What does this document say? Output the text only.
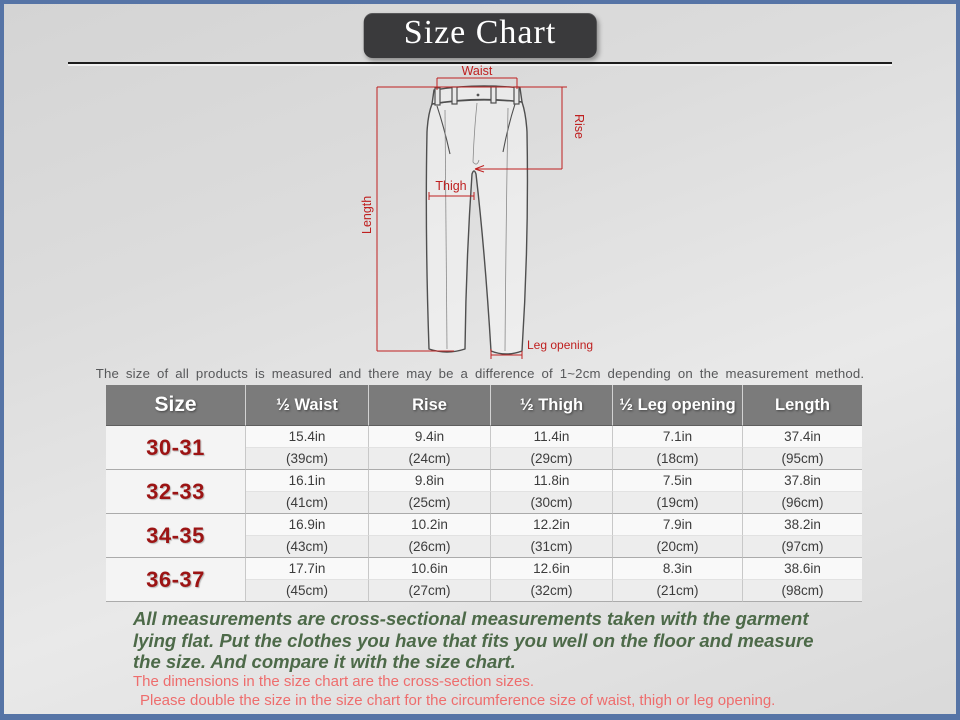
Size Chart
Waist
Rise
Thigh
Length
Leg opening
The size of all products is measured and there may be a difference of 1~2cm depending on the measurement method.
Size	½ Waist	Rise	½ Thigh	½ Leg opening	Length
30-31	15.4in	9.4in	11.4in	7.1in	37.4in
(39cm)	(24cm)	(29cm)	(18cm)	(95cm)
32-33	16.1in	9.8in	11.8in	7.5in	37.8in
(41cm)	(25cm)	(30cm)	(19cm)	(96cm)
34-35	16.9in	10.2in	12.2in	7.9in	38.2in
(43cm)	(26cm)	(31cm)	(20cm)	(97cm)
36-37	17.7in	10.6in	12.6in	8.3in	38.6in
(45cm)	(27cm)	(32cm)	(21cm)	(98cm)
All measurements are cross-sectional measurements taken with the garment lying flat. Put the clothes you have that fits you well on the floor and measure the size. And compare it with the size chart.
The dimensions in the size chart are the cross-section sizes.
Please double the size in the size chart for the circumference size of waist, thigh or leg opening.
